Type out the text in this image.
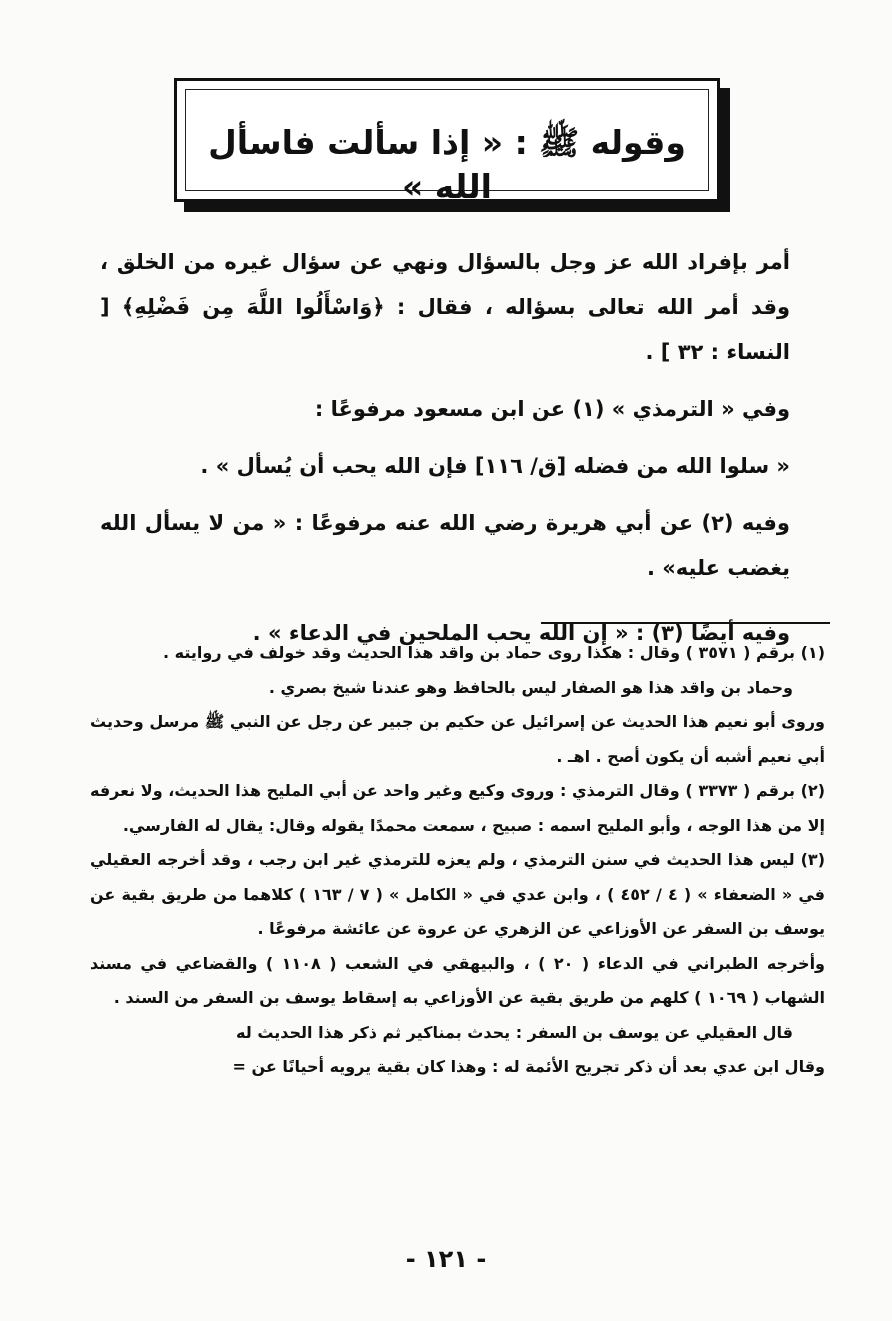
وقوله ﷺ : « إذا سألت فاسأل الله »

أمر بإفراد الله عز وجل بالسؤال ونهي عن سؤال غيره من الخلق ، وقد أمر الله تعالى بسؤاله ، فقال : ﴿وَاسْأَلُوا اللَّهَ مِن فَضْلِهِ﴾ [ النساء : ٣٢ ] .

وفي « الترمذي » (١) عن ابن مسعود مرفوعًا :

« سلوا الله من فضله [ق/ ١١٦] فإن الله يحب أن يُسأل » .

وفيه (٢) عن أبي هريرة رضي الله عنه مرفوعًا : « من لا يسأل الله يغضب عليه» .

وفيه أيضًا (٣) : « إن الله يحب الملحين في الدعاء » .

(١) برقم ( ٣٥٧١ ) وقال : هكذا روى حماد بن واقد هذا الحديث وقد خولف في روايته .

وحماد بن واقد هذا هو الصفار ليس بالحافظ وهو عندنا شيخ بصري .

وروى أبو نعيم هذا الحديث عن إسرائيل عن حكيم بن جبير عن رجل عن النبي ﷺ مرسل وحديث أبي نعيم أشبه أن يكون أصح . اهـ .

(٢) برقم ( ٣٣٧٣ ) وقال الترمذي : وروى وكيع وغير واحد عن أبي المليح هذا الحديث، ولا نعرفه إلا من هذا الوجه ، وأبو المليح اسمه : صبيح ، سمعت محمدًا يقوله وقال: يقال له الفارسي.

(٣) ليس هذا الحديث في سنن الترمذي ، ولم يعزه للترمذي غير ابن رجب ، وقد أخرجه العقيلي في « الضعفاء » ( ٤ / ٤٥٢ ) ، وابن عدي في « الكامل » ( ٧ / ١٦٣ ) كلاهما من طريق بقية عن يوسف بن السفر عن الأوزاعي عن الزهري عن عروة عن عائشة مرفوعًا .

وأخرجه الطبراني في الدعاء ( ٢٠ ) ، والبيهقي في الشعب ( ١١٠٨ ) والقضاعي في مسند الشهاب ( ١٠٦٩ ) كلهم من طريق بقية عن الأوزاعي به إسقاط يوسف بن السفر من السند .

قال العقيلي عن يوسف بن السفر : يحدث بمناكير ثم ذكر هذا الحديث له

وقال ابن عدي بعد أن ذكر تجريح الأئمة له : وهذا كان بقية يرويه أحيانًا عن =

- ١٢١ -
